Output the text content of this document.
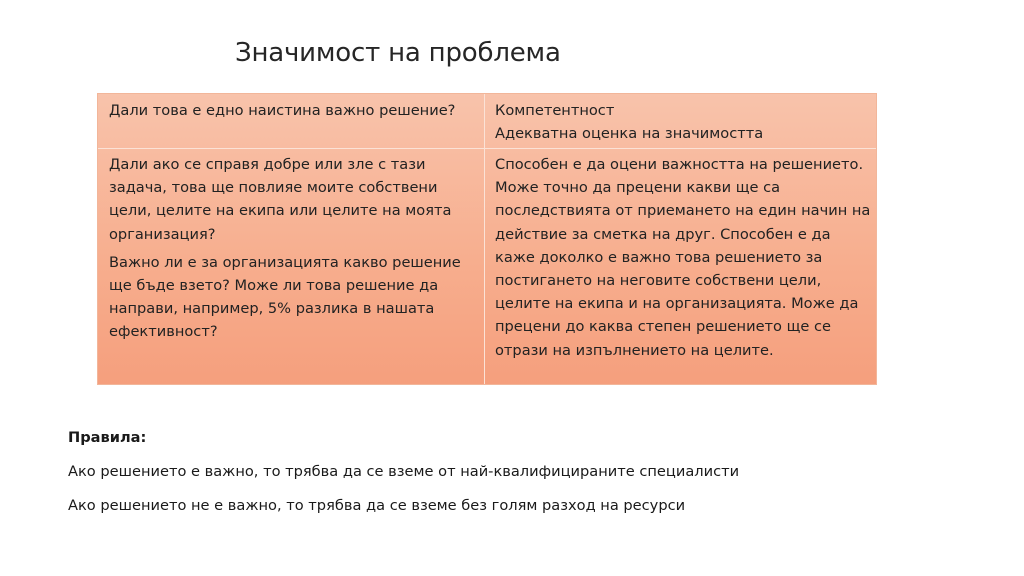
Значимост на проблема

Дали това е едно наистина важно решение?	Компетентност
Адекватна оценка на значимостта

Дали ако се справя добре или зле с тази задача, това ще повлияе моите собствени цели, целите на екипа или целите на моята организация?

Важно ли е за организацията какво решение ще бъде взето? Може ли това решение да направи, например, 5% разлика в нашата ефективност?

Способен е да оцени важността на решението. Може точно да прецени какви ще са последствията от приемането на един начин на действие за сметка на друг. Способен е да каже доколко е важно това решението за постигането на неговите собствени цели, целите на екипа и на организацията. Може да прецени до каква степен решението ще се отрази на изпълнението на целите.

Правила:
Ако решението е важно, то трябва да се вземе от най-квалифицираните специалисти
Ако решението не е важно, то трябва да се вземе без голям разход на ресурси
